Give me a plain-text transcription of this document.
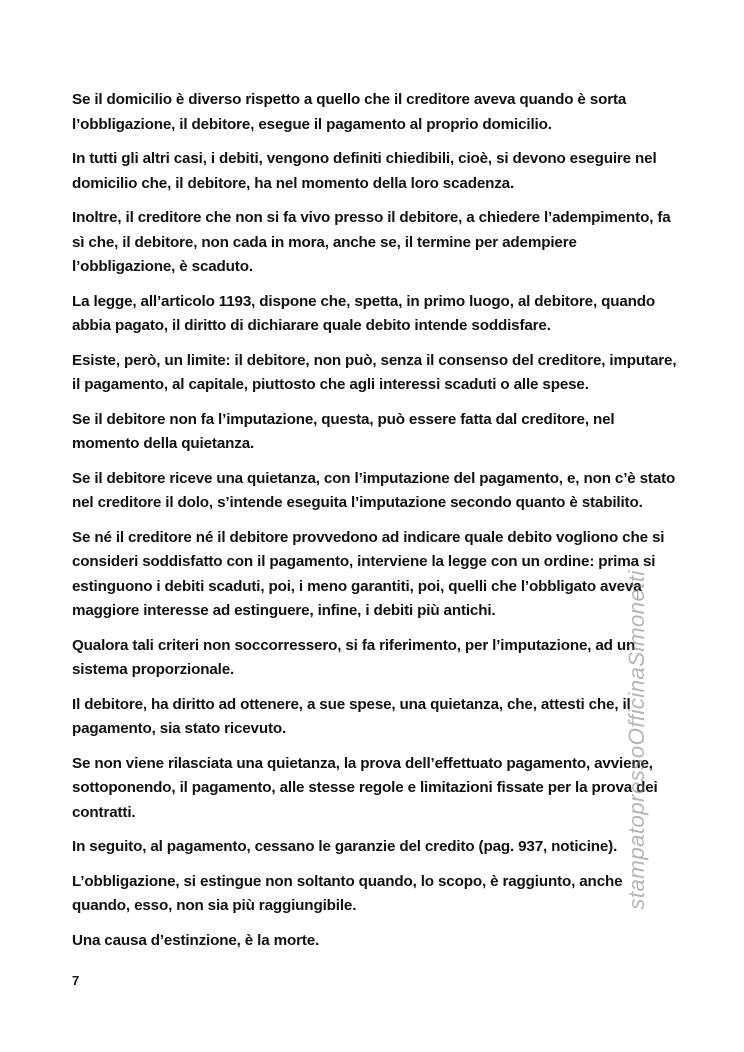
Se il domicilio è diverso rispetto a quello che il creditore aveva quando è sorta l’obbligazione, il debitore, esegue il pagamento al proprio domicilio.

In tutti gli altri casi, i debiti, vengono definiti chiedibili, cioè, si devono eseguire nel domicilio che, il debitore, ha nel momento della loro scadenza.

Inoltre, il creditore che non si fa vivo presso il debitore, a chiedere l’adempimento, fa sì che, il debitore, non cada in mora, anche se, il termine per adempiere l’obbligazione, è scaduto.

La legge, all’articolo 1193, dispone che, spetta, in primo luogo, al debitore, quando abbia pagato, il diritto di dichiarare quale debito intende soddisfare.

Esiste, però, un limite: il debitore, non può, senza il consenso del creditore, imputare, il pagamento, al capitale, piuttosto che agli interessi scaduti o alle spese.

Se il debitore non fa l’imputazione, questa, può essere fatta dal creditore, nel momento della quietanza.

Se il debitore riceve una quietanza, con l’imputazione del pagamento, e, non c’è stato nel creditore il dolo, s’intende eseguita l’imputazione secondo quanto è stabilito.

Se né il creditore né il debitore provvedono ad indicare quale debito vogliono che si consideri soddisfatto con il pagamento, interviene la legge con un ordine: prima si estinguono i debiti scaduti, poi, i meno garantiti, poi, quelli che l’obbligato aveva maggiore interesse ad estinguere, infine, i debiti più antichi.

Qualora tali criteri non soccorressero, si fa riferimento, per l’imputazione, ad un sistema proporzionale.

Il debitore, ha diritto ad ottenere, a sue spese, una quietanza, che, attesti che, il pagamento, sia stato ricevuto.

Se non viene rilasciata una quietanza, la prova dell’effettuato pagamento, avviene, sottoponendo, il pagamento, alle stesse regole e limitazioni fissate per la prova dei contratti.

In seguito, al pagamento, cessano le garanzie del credito (pag. 937, noticine).

L’obbligazione, si estingue non soltanto quando, lo scopo, è raggiunto, anche quando, esso, non sia più raggiungibile.

Una causa d’estinzione, è la morte.

7
stampatopressoOfficinaSimonetti
